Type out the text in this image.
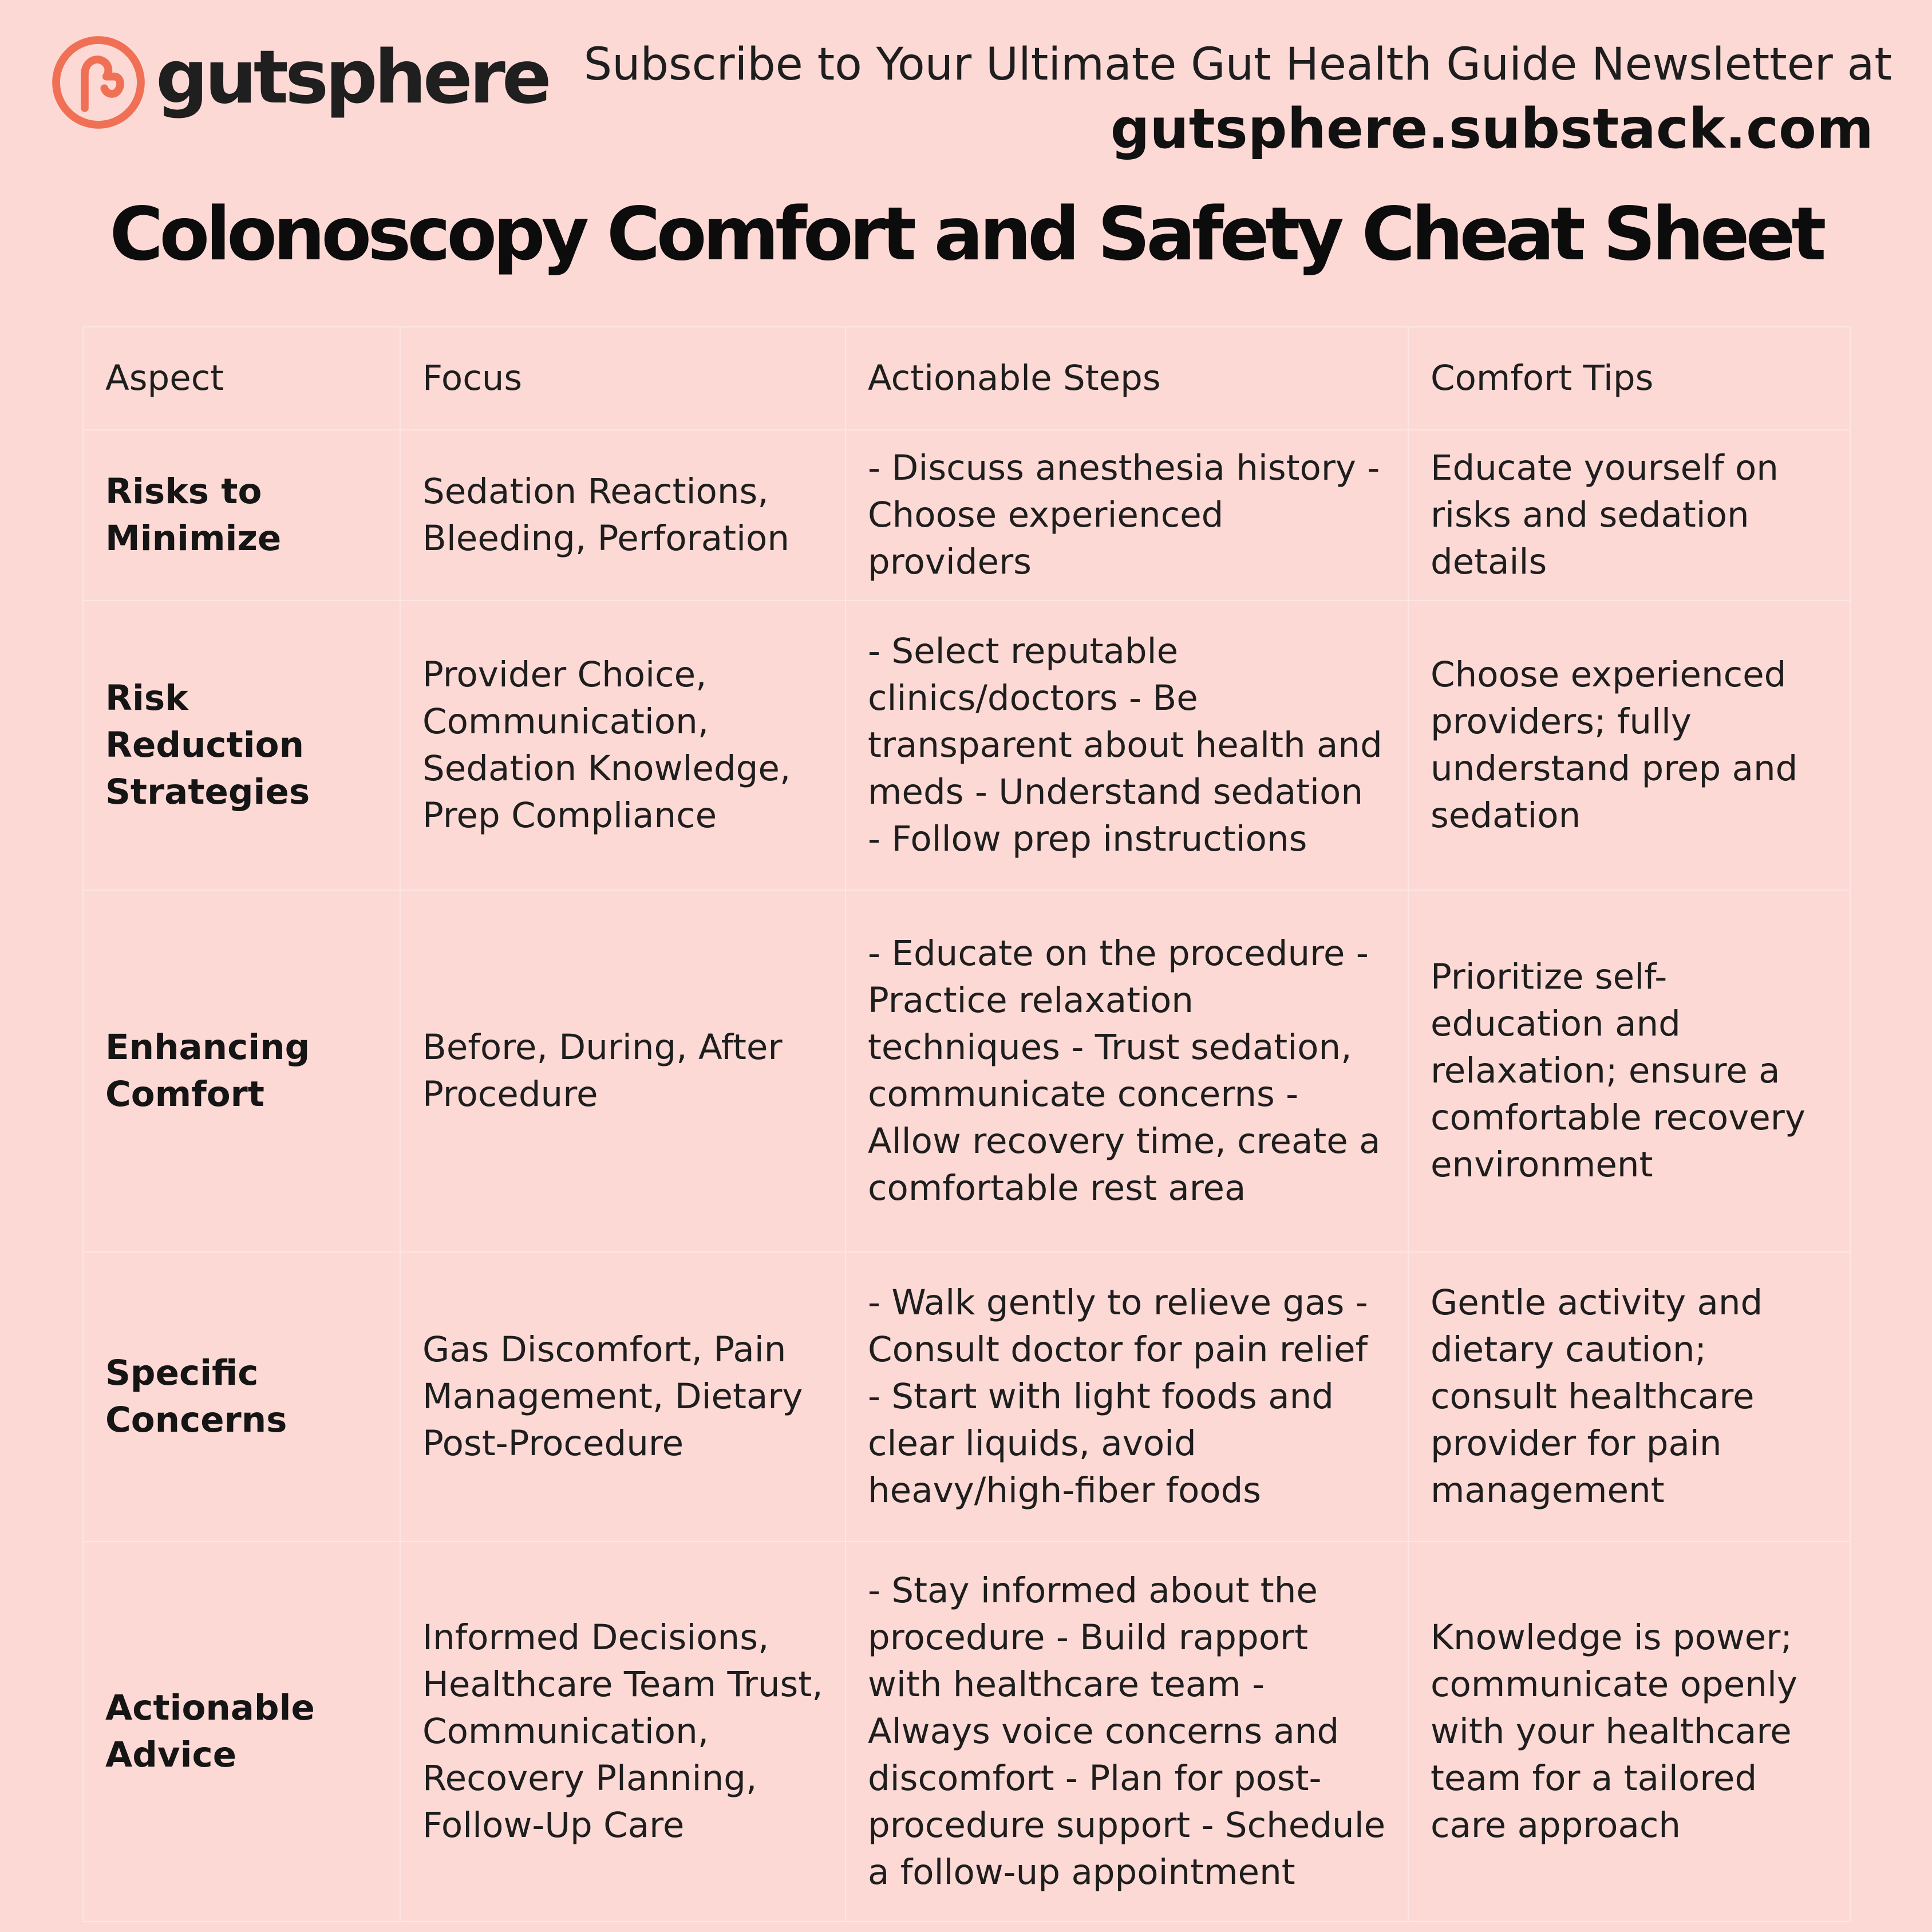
gutsphere Subscribe to Your Ultimate Gut Health Guide Newsletter at
gutsphere.substack.com
Colonoscopy Comfort and Safety Cheat Sheet
Aspect	Focus	Actionable Steps	Comfort Tips
Risks to Minimize	Sedation Reactions, Bleeding, Perforation	- Discuss anesthesia history - Choose experienced providers	Educate yourself on risks and sedation details
Risk Reduction Strategies	Provider Choice, Communication, Sedation Knowledge, Prep Compliance	- Select reputable clinics/doctors - Be transparent about health and meds - Understand sedation - Follow prep instructions	Choose experienced providers; fully understand prep and sedation
Enhancing Comfort	Before, During, After Procedure	- Educate on the procedure - Practice relaxation techniques - Trust sedation, communicate concerns - Allow recovery time, create a comfortable rest area	Prioritize self-education and relaxation; ensure a comfortable recovery environment
Specific Concerns	Gas Discomfort, Pain Management, Dietary Post-Procedure	- Walk gently to relieve gas - Consult doctor for pain relief - Start with light foods and clear liquids, avoid heavy/high-fiber foods	Gentle activity and dietary caution; consult healthcare provider for pain management
Actionable Advice	Informed Decisions, Healthcare Team Trust, Communication, Recovery Planning, Follow-Up Care	- Stay informed about the procedure - Build rapport with healthcare team - Always voice concerns and discomfort - Plan for post-procedure support - Schedule a follow-up appointment	Knowledge is power; communicate openly with your healthcare team for a tailored care approach
